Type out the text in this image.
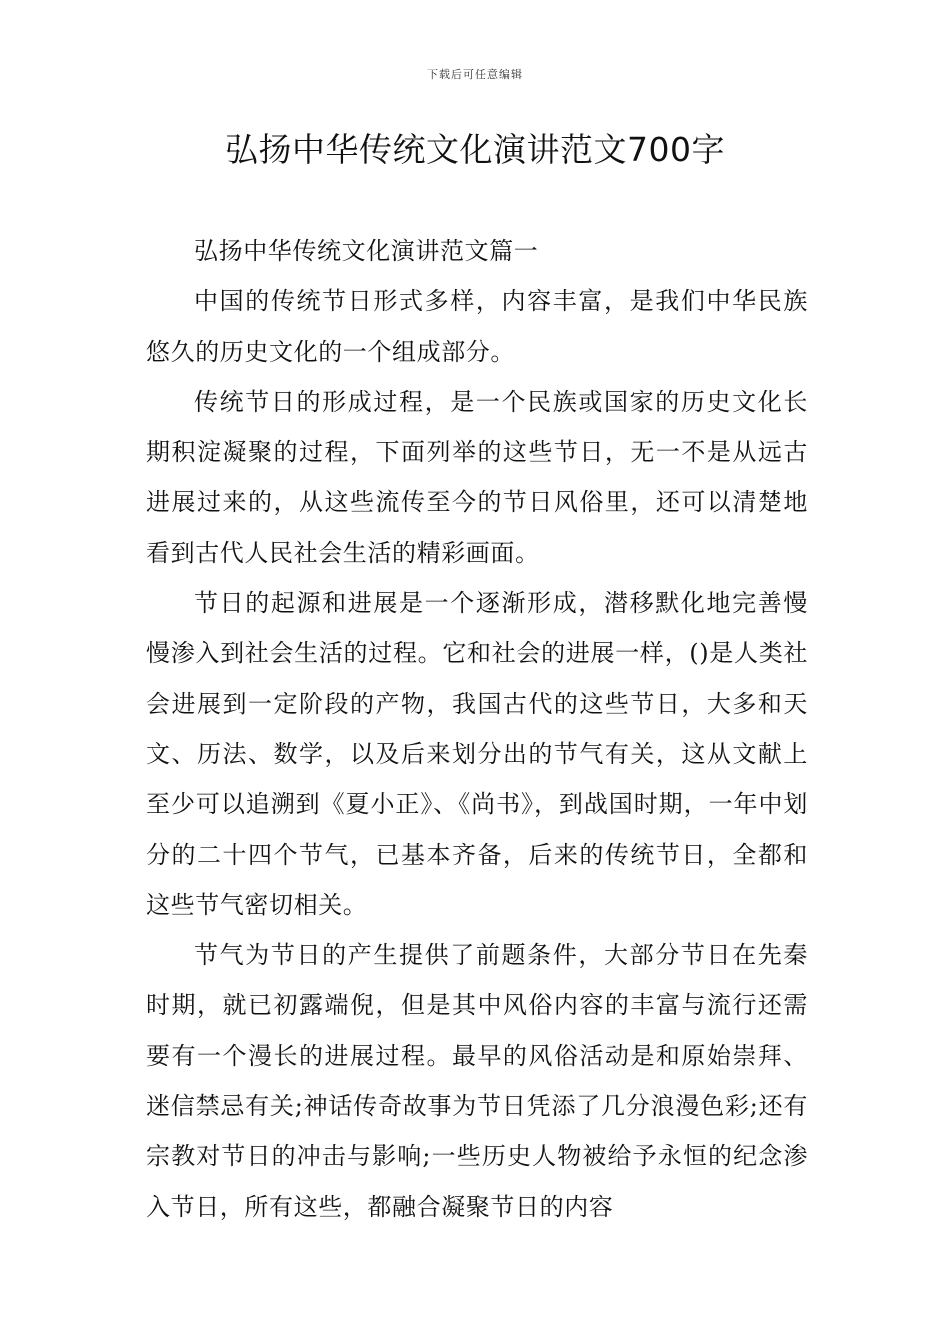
下载后可任意编辑
弘扬中华传统文化演讲范文700字

弘扬中华传统文化演讲范文篇一

中国的传统节日形式多样，内容丰富，是我们中华民族悠久的历史文化的一个组成部分。

传统节日的形成过程，是一个民族或国家的历史文化长期积淀凝聚的过程，下面列举的这些节日，无一不是从远古进展过来的，从这些流传至今的节日风俗里，还可以清楚地看到古代人民社会生活的精彩画面。

节日的起源和进展是一个逐渐形成，潜移默化地完善慢慢渗入到社会生活的过程。它和社会的进展一样，()是人类社会进展到一定阶段的产物，我国古代的这些节日，大多和天文、历法、数学，以及后来划分出的节气有关，这从文献上至少可以追溯到《夏小正》、《尚书》，到战国时期，一年中划分的二十四个节气，已基本齐备，后来的传统节日，全都和这些节气密切相关。

节气为节日的产生提供了前题条件，大部分节日在先秦时期，就已初露端倪，但是其中风俗内容的丰富与流行还需要有一个漫长的进展过程。最早的风俗活动是和原始崇拜、迷信禁忌有关;神话传奇故事为节日凭添了几分浪漫色彩;还有宗教对节日的冲击与影响;一些历史人物被给予永恒的纪念渗入节日，所有这些，都融合凝聚节日的内容
